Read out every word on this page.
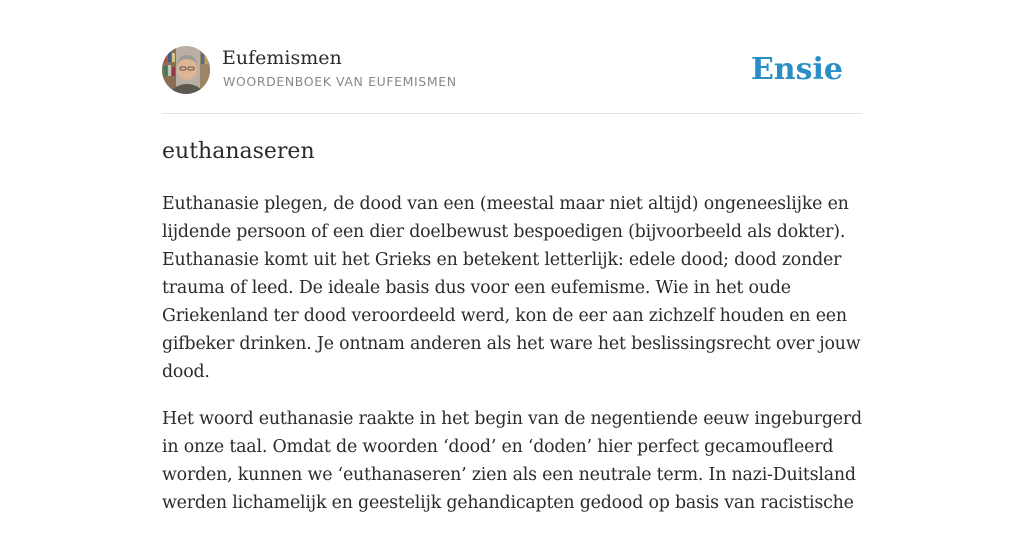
Eufemismen
WOORDENBOEK VAN EUFEMISMEN	Ensie
euthanaseren

Euthanasie plegen, de dood van een (meestal maar niet altijd) ongeneeslijke en lijdende persoon of een dier doelbewust bespoedigen (bijvoorbeeld als dokter). Euthanasie komt uit het Grieks en betekent letterlijk: edele dood; dood zonder trauma of leed. De ideale basis dus voor een eufemisme. Wie in het oude Griekenland ter dood veroordeeld werd, kon de eer aan zichzelf houden en een gifbeker drinken. Je ontnam anderen als het ware het beslissingsrecht over jouw dood.

Het woord euthanasie raakte in het begin van de negentiende eeuw ingeburgerd in onze taal. Omdat de woorden ‘dood’ en ‘doden’ hier perfect gecamoufleerd worden, kunnen we ‘euthanaseren’ zien als een neutrale term. In nazi-Duitsland werden lichamelijk en geestelijk gehandicapten gedood op basis van racistische
